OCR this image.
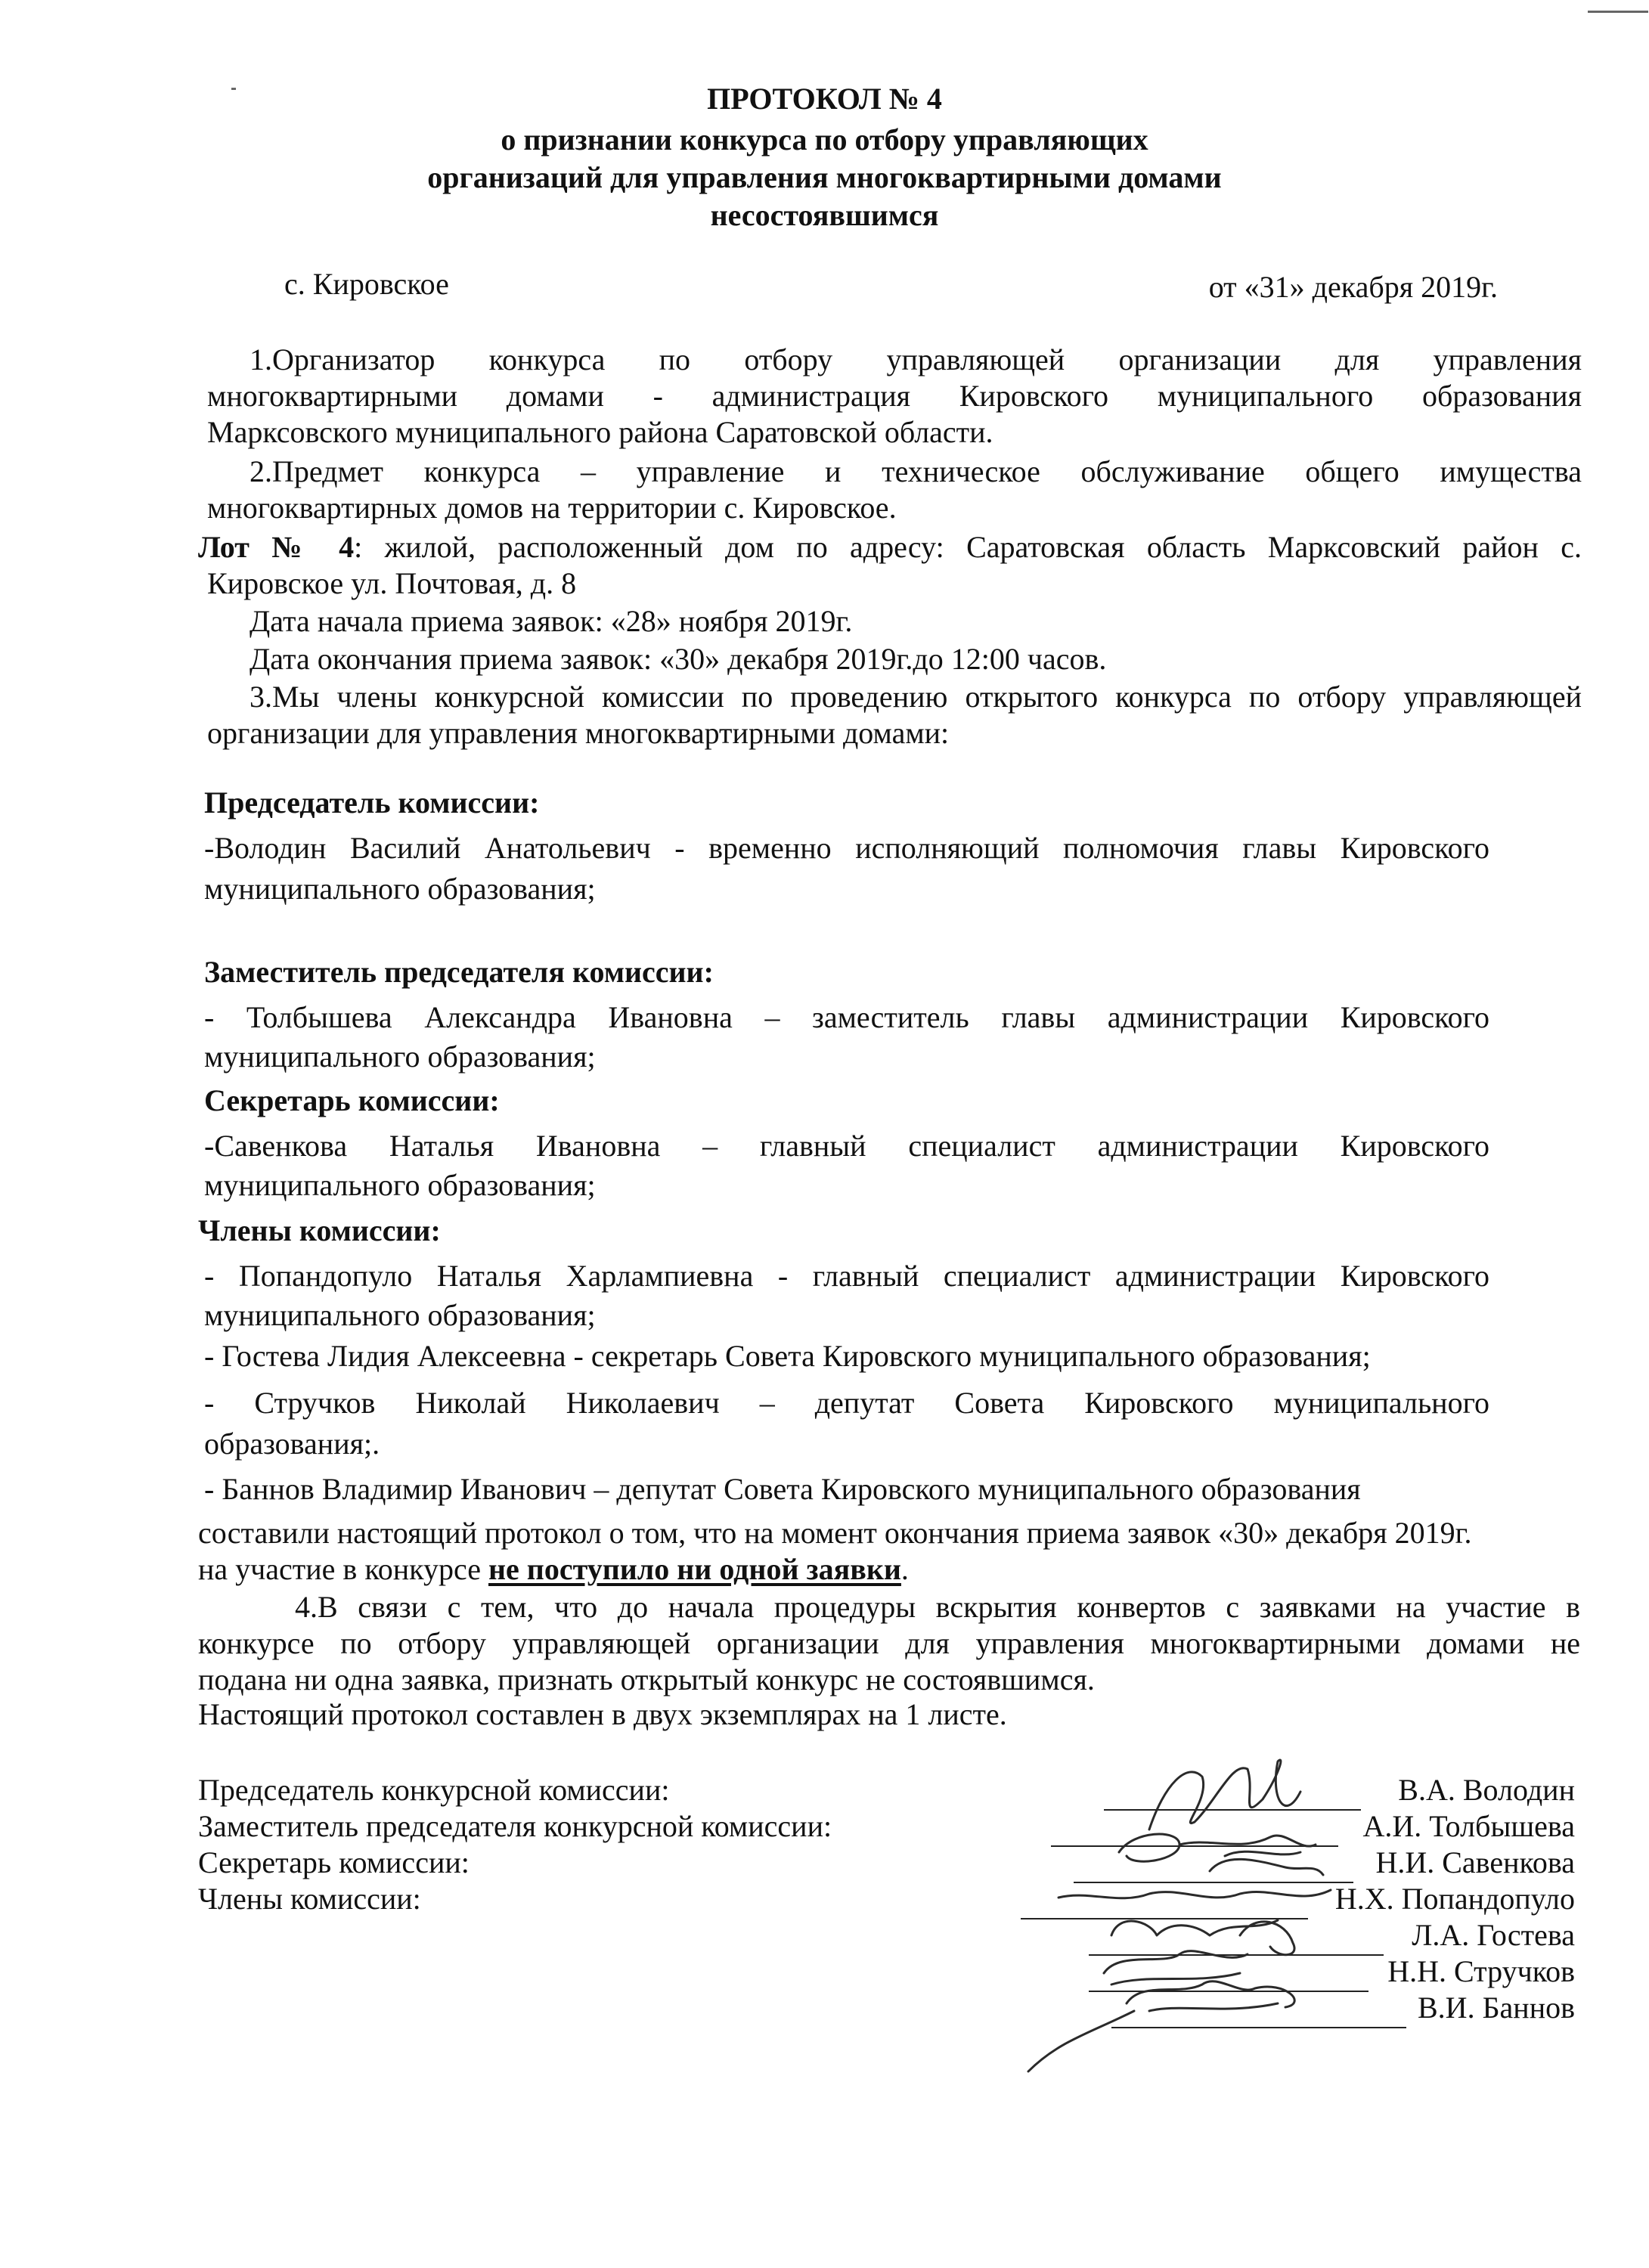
ПРОТОКОЛ № 4
о признании конкурса по отбору управляющих
организаций для управления многоквартирными домами
несостоявшимся
с. Кировское	от «31» декабря 2019г.
1.Организатор конкурса по отбору управляющей организации для управления
многоквартирными домами - администрация Кировского муниципального образования
Марксовского муниципального района Саратовской области.
2.Предмет конкурса – управление и техническое обслуживание общего имущества
многоквартирных домов на территории с. Кировское.
Лот № 4: жилой, расположенный дом по адресу: Саратовская область Марксовский район с.
Кировское ул. Почтовая, д. 8
Дата начала приема заявок: «28» ноября 2019г.
Дата окончания приема заявок: «30» декабря 2019г.до 12:00 часов.
3.Мы члены конкурсной комиссии по проведению открытого конкурса по отбору управляющей
организации для управления многоквартирными домами:
Председатель комиссии:
-Володин Василий Анатольевич - временно исполняющий полномочия главы Кировского
муниципального образования;
Заместитель председателя комиссии:
- Толбышева Александра Ивановна – заместитель главы администрации Кировского
муниципального образования;
Секретарь комиссии:
-Савенкова Наталья Ивановна – главный специалист администрации Кировского
муниципального образования;
Члены комиссии:
- Попандопуло Наталья Харлампиевна - главный специалист администрации Кировского
муниципального образования;
- Гостева Лидия Алексеевна - секретарь Совета Кировского муниципального образования;
- Стручков Николай Николаевич – депутат Совета Кировского муниципального
образования;.
- Баннов Владимир Иванович – депутат Совета Кировского муниципального образования
составили настоящий протокол о том, что на момент окончания приема заявок «30» декабря 2019г.
на участие в конкурсе не поступило ни одной заявки.
4.В связи с тем, что до начала процедуры вскрытия конвертов с заявками на участие в
конкурсе по отбору управляющей организации для управления многоквартирными домами не
подана ни одна заявка, признать открытый конкурс не состоявшимся.
Настоящий протокол составлен в двух экземплярах на 1 листе.
Председатель конкурсной комиссии:
Заместитель председателя конкурсной комиссии:
Секретарь комиссии:
Члены комиссии:
В.А. Володин
А.И. Толбышева
Н.И. Савенкова
Н.Х. Попандопуло
Л.А. Гостева
Н.Н. Стручков
В.И. Баннов
